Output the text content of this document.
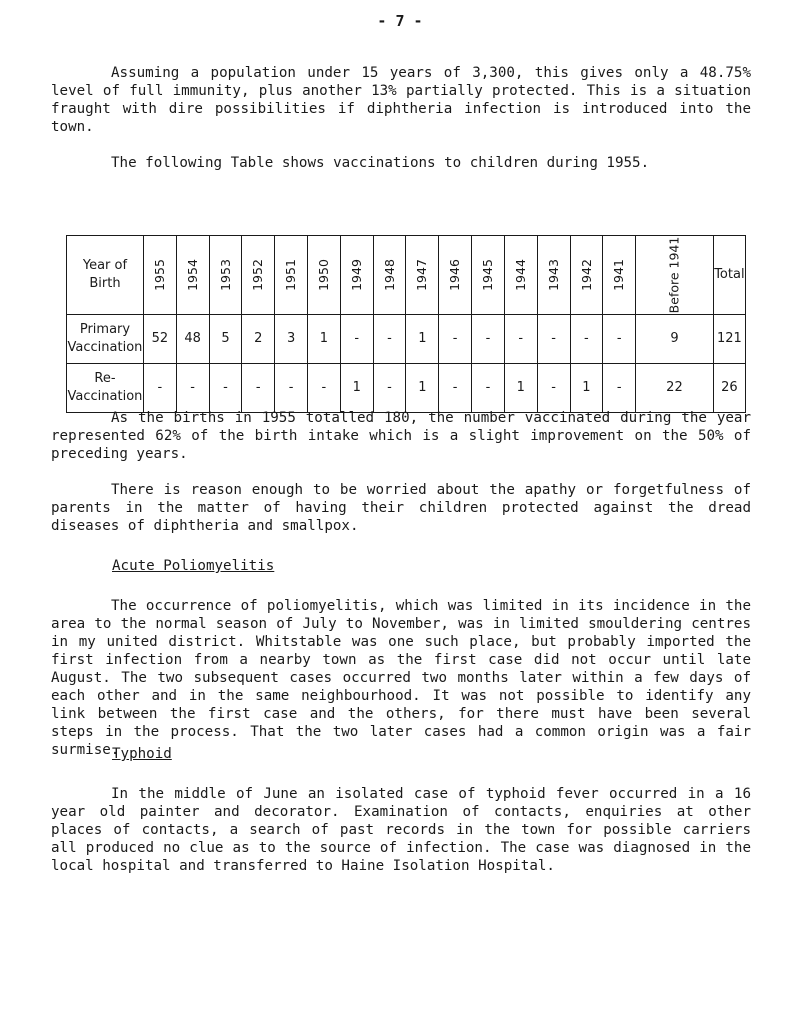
- 7 -

Assuming a population under 15 years of 3,300, this gives only a 48.75% level of full immunity, plus another 13% partially protected. This is a situation fraught with dire possibilities if diphtheria infection is introduced into the town.

The following Table shows vaccinations to children during 1955.

Year of Birth	1955	1954	1953	1952	1951	1950	1949	1948	1947	1946	1945	1944	1943	1942	1941	Before 1941	Total
Primary Vaccination	52	48	5	2	3	1	-	-	1	-	-	-	-	-	-	9	121
Re- Vaccination	-	-	-	-	-	-	1	-	1	-	-	1	-	1	-	22	26

As the births in 1955 totalled 180, the number vaccinated during the year represented 62% of the birth intake which is a slight improvement on the 50% of preceding years.

There is reason enough to be worried about the apathy or forgetfulness of parents in the matter of having their children protected against the dread diseases of diphtheria and smallpox.

Acute Poliomyelitis

The occurrence of poliomyelitis, which was limited in its incidence in the area to the normal season of July to November, was in limited smouldering centres in my united district. Whitstable was one such place, but probably imported the first infection from a nearby town as the first case did not occur until late August. The two subsequent cases occurred two months later within a few days of each other and in the same neighbourhood. It was not possible to identify any link between the first case and the others, for there must have been several steps in the process. That the two later cases had a common origin was a fair surmise.

Typhoid

In the middle of June an isolated case of typhoid fever occurred in a 16 year old painter and decorator. Examination of contacts, enquiries at other places of contacts, a search of past records in the town for possible carriers all produced no clue as to the source of infection. The case was diagnosed in the local hospital and transferred to Haine Isolation Hospital.
